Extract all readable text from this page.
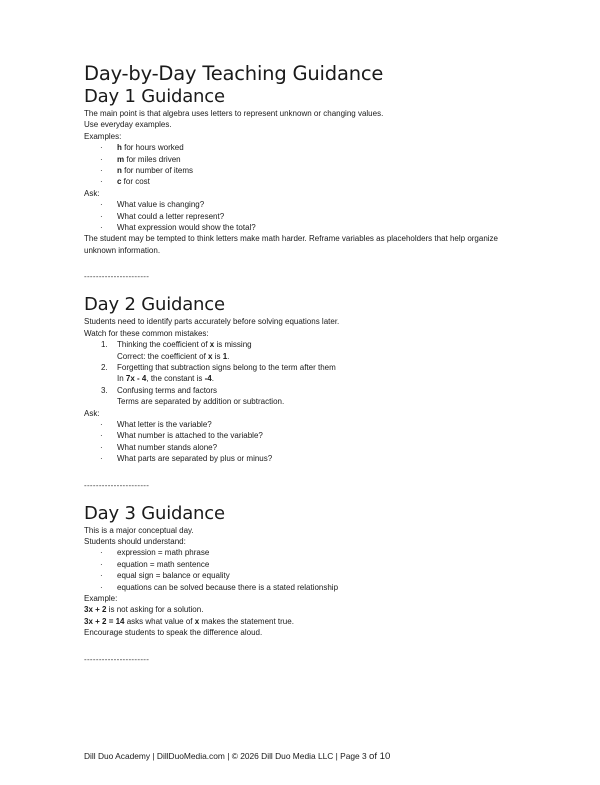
Day-by-Day Teaching Guidance
Day 1 Guidance

The main point is that algebra uses letters to represent unknown or changing values.

Use everyday examples.

Examples:

· h for hours worked
· m for miles driven
· n for number of items
· c for cost

Ask:

· What value is changing?
· What could a letter represent?
· What expression would show the total?

The student may be tempted to think letters make math harder. Reframe variables as placeholders that help organize unknown information.

----------------------
Day 2 Guidance

Students need to identify parts accurately before solving equations later.

Watch for these common mistakes:

1. Thinking the coefficient of x is missing
Correct: the coefficient of x is 1.
2. Forgetting that subtraction signs belong to the term after them
In 7x - 4, the constant is -4.
3. Confusing terms and factors
Terms are separated by addition or subtraction.

Ask:

· What letter is the variable?
· What number is attached to the variable?
· What number stands alone?
· What parts are separated by plus or minus?
----------------------
Day 3 Guidance

This is a major conceptual day.

Students should understand:

· expression = math phrase
· equation = math sentence
· equal sign = balance or equality
· equations can be solved because there is a stated relationship

Example:

3x + 2 is not asking for a solution.

3x + 2 = 14 asks what value of x makes the statement true.

Encourage students to speak the difference aloud.

----------------------
Dill Duo Academy | DillDuoMedia.com | © 2026 Dill Duo Media LLC | Page 3 of 10
